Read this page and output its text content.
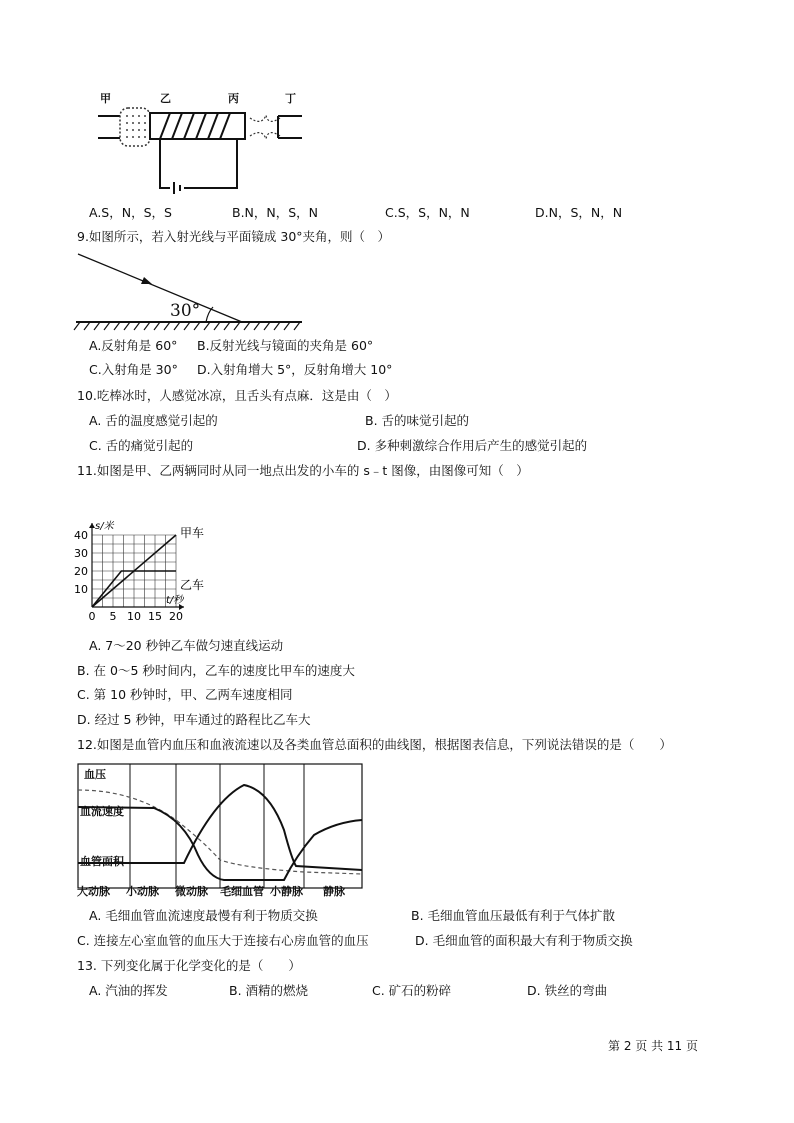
甲	乙	丙	丁
A.S，N，S，S	B.N，N，S，N	C.S，S，N，N	D.N，S，N，N
9.如图所示，若入射光线与平面镜成 30°夹角，则（　）
30°
A.反射角是 60° B.反射光线与镜面的夹角是 60°
C.入射角是 30° D.入射角增大 5°，反射角增大 10°
10.吃棒冰时，人感觉冰凉，且舌头有点麻．这是由（　）
A. 舌的温度感觉引起的	B. 舌的味觉引起的
C. 舌的痛觉引起的	D. 多种刺激综合作用后产生的感觉引起的
11.如图是甲、乙两辆同时从同一地点出发的小车的 s﹣t 图像，由图像可知（　）
0 5 10 15 20
10
20
30
40
s/米
t/秒
甲车
乙车
A. 7～20 秒钟乙车做匀速直线运动
B. 在 0～5 秒时间内，乙车的速度比甲车的速度大
C. 第 10 秒钟时，甲、乙两车速度相同
D. 经过 5 秒钟，甲车通过的路程比乙车大
12.如图是血管内血压和血液流速以及各类血管总面积的曲线图，根据图表信息，下列说法错误的是（　　）
血压
血流速度
血管面积
大动脉 小动脉 微动脉 毛细血管 小静脉 静脉
A. 毛细血管血流速度最慢有利于物质交换	B. 毛细血管血压最低有利于气体扩散
C. 连接左心室血管的血压大于连接右心房血管的血压	D. 毛细血管的面积最大有利于物质交换
13. 下列变化属于化学变化的是（　　）
A. 汽油的挥发	B. 酒精的燃烧	C. 矿石的粉碎	D. 铁丝的弯曲
第 2 页 共 11 页
